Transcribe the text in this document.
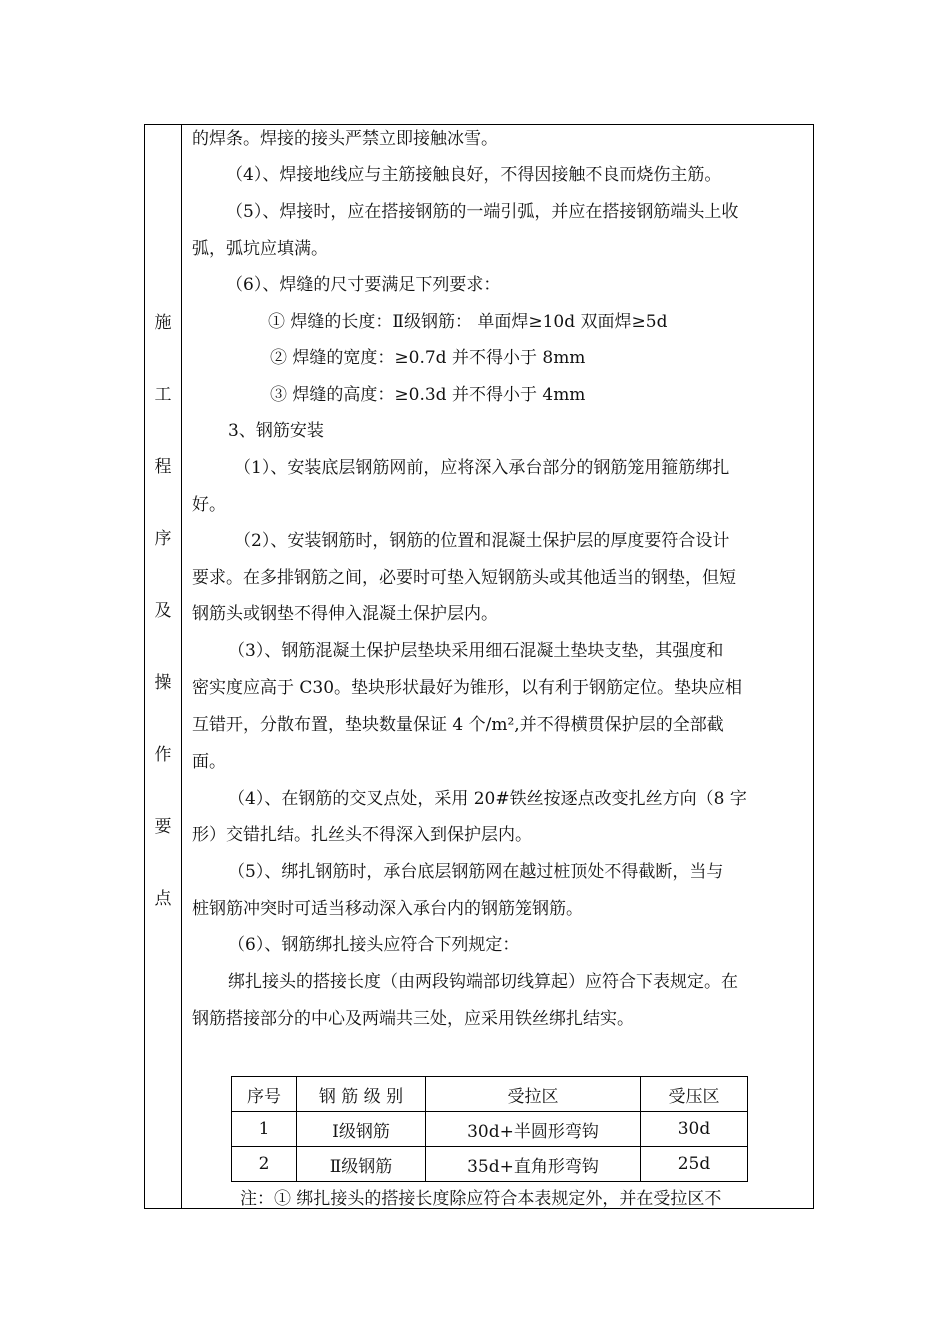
施
工
程
序
及
操
作
要
点
的焊条。焊接的接头严禁立即接触冰雪。
（4）、焊接地线应与主筋接触良好，不得因接触不良而烧伤主筋。
（5）、焊接时，应在搭接钢筋的一端引弧，并应在搭接钢筋端头上收
弧，弧坑应填满。
（6）、焊缝的尺寸要满足下列要求：
① 焊缝的长度：Ⅱ级钢筋： 单面焊≥10d 双面焊≥5d
② 焊缝的宽度：≥0.7d 并不得小于 8mm
③ 焊缝的高度：≥0.3d 并不得小于 4mm
3、钢筋安装
（1）、安装底层钢筋网前，应将深入承台部分的钢筋笼用箍筋绑扎
好。
（2）、安装钢筋时，钢筋的位置和混凝土保护层的厚度要符合设计
要求。在多排钢筋之间，必要时可垫入短钢筋头或其他适当的钢垫，但短
钢筋头或钢垫不得伸入混凝土保护层内。
（3）、钢筋混凝土保护层垫块采用细石混凝土垫块支垫，其强度和
密实度应高于 C30。垫块形状最好为锥形，以有利于钢筋定位。垫块应相
互错开，分散布置，垫块数量保证 4 个/m²,并不得横贯保护层的全部截
面。
（4）、在钢筋的交叉点处，采用 20#铁丝按逐点改变扎丝方向（8 字
形）交错扎结。扎丝头不得深入到保护层内。
（5）、绑扎钢筋时，承台底层钢筋网在越过桩顶处不得截断，当与
桩钢筋冲突时可适当移动深入承台内的钢筋笼钢筋。
（6）、钢筋绑扎接头应符合下列规定：
绑扎接头的搭接长度（由两段钩端部切线算起）应符合下表规定。在
钢筋搭接部分的中心及两端共三处，应采用铁丝绑扎结实。
注：① 绑扎接头的搭接长度除应符合本表规定外，并在受拉区不
序号	钢 筋 级 别	受拉区	受压区
1	Ⅰ级钢筋	30d+半圆形弯钩	30d
2	Ⅱ级钢筋	35d+直角形弯钩	25d
